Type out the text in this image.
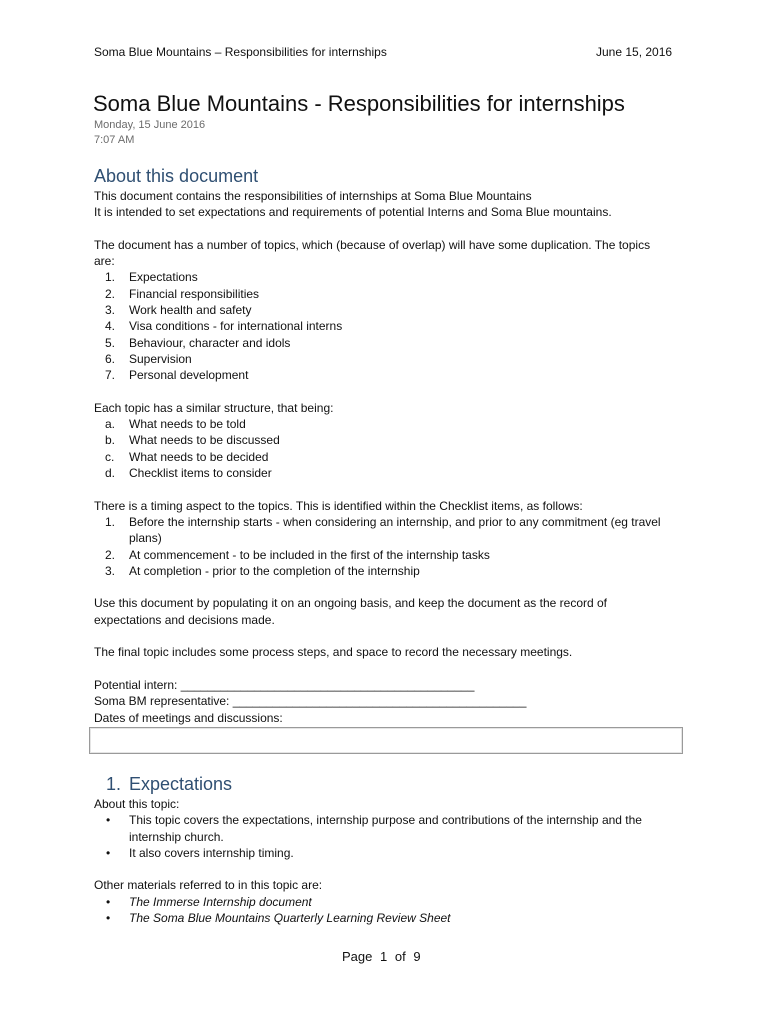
Soma Blue Mountains – Responsibilities for internships	June 15, 2016
Soma Blue Mountains - Responsibilities for internships
Monday, 15 June 2016
7:07 AM
About this document

This document contains the responsibilities of internships at Soma Blue Mountains

It is intended to set expectations and requirements of potential Interns and Soma Blue mountains.

The document has a number of topics, which (because of overlap) will have some duplication. The topics are:

1. Expectations
2. Financial responsibilities
3. Work health and safety
4. Visa conditions - for international interns
5. Behaviour, character and idols
6. Supervision
7. Personal development

Each topic has a similar structure, that being:

a. What needs to be told
b. What needs to be discussed
c. What needs to be decided
d. Checklist items to consider

There is a timing aspect to the topics. This is identified within the Checklist items, as follows:

1. Before the internship starts - when considering an internship, and prior to any commitment (eg travel plans)
2. At commencement - to be included in the first of the internship tasks
3. At completion - prior to the completion of the internship

Use this document by populating it on an ongoing basis, and keep the document as the record of expectations and decisions made.

The final topic includes some process steps, and space to record the necessary meetings.

Potential intern: ____________________________________________

Soma BM representative: ____________________________________________

Dates of meetings and discussions:

1. Expectations

About this topic:

• This topic covers the expectations, internship purpose and contributions of the internship and the internship church.
• It also covers internship timing.

Other materials referred to in this topic are:

• The Immerse Internship document
• The Soma Blue Mountains Quarterly Learning Review Sheet
Page 1 of 9
